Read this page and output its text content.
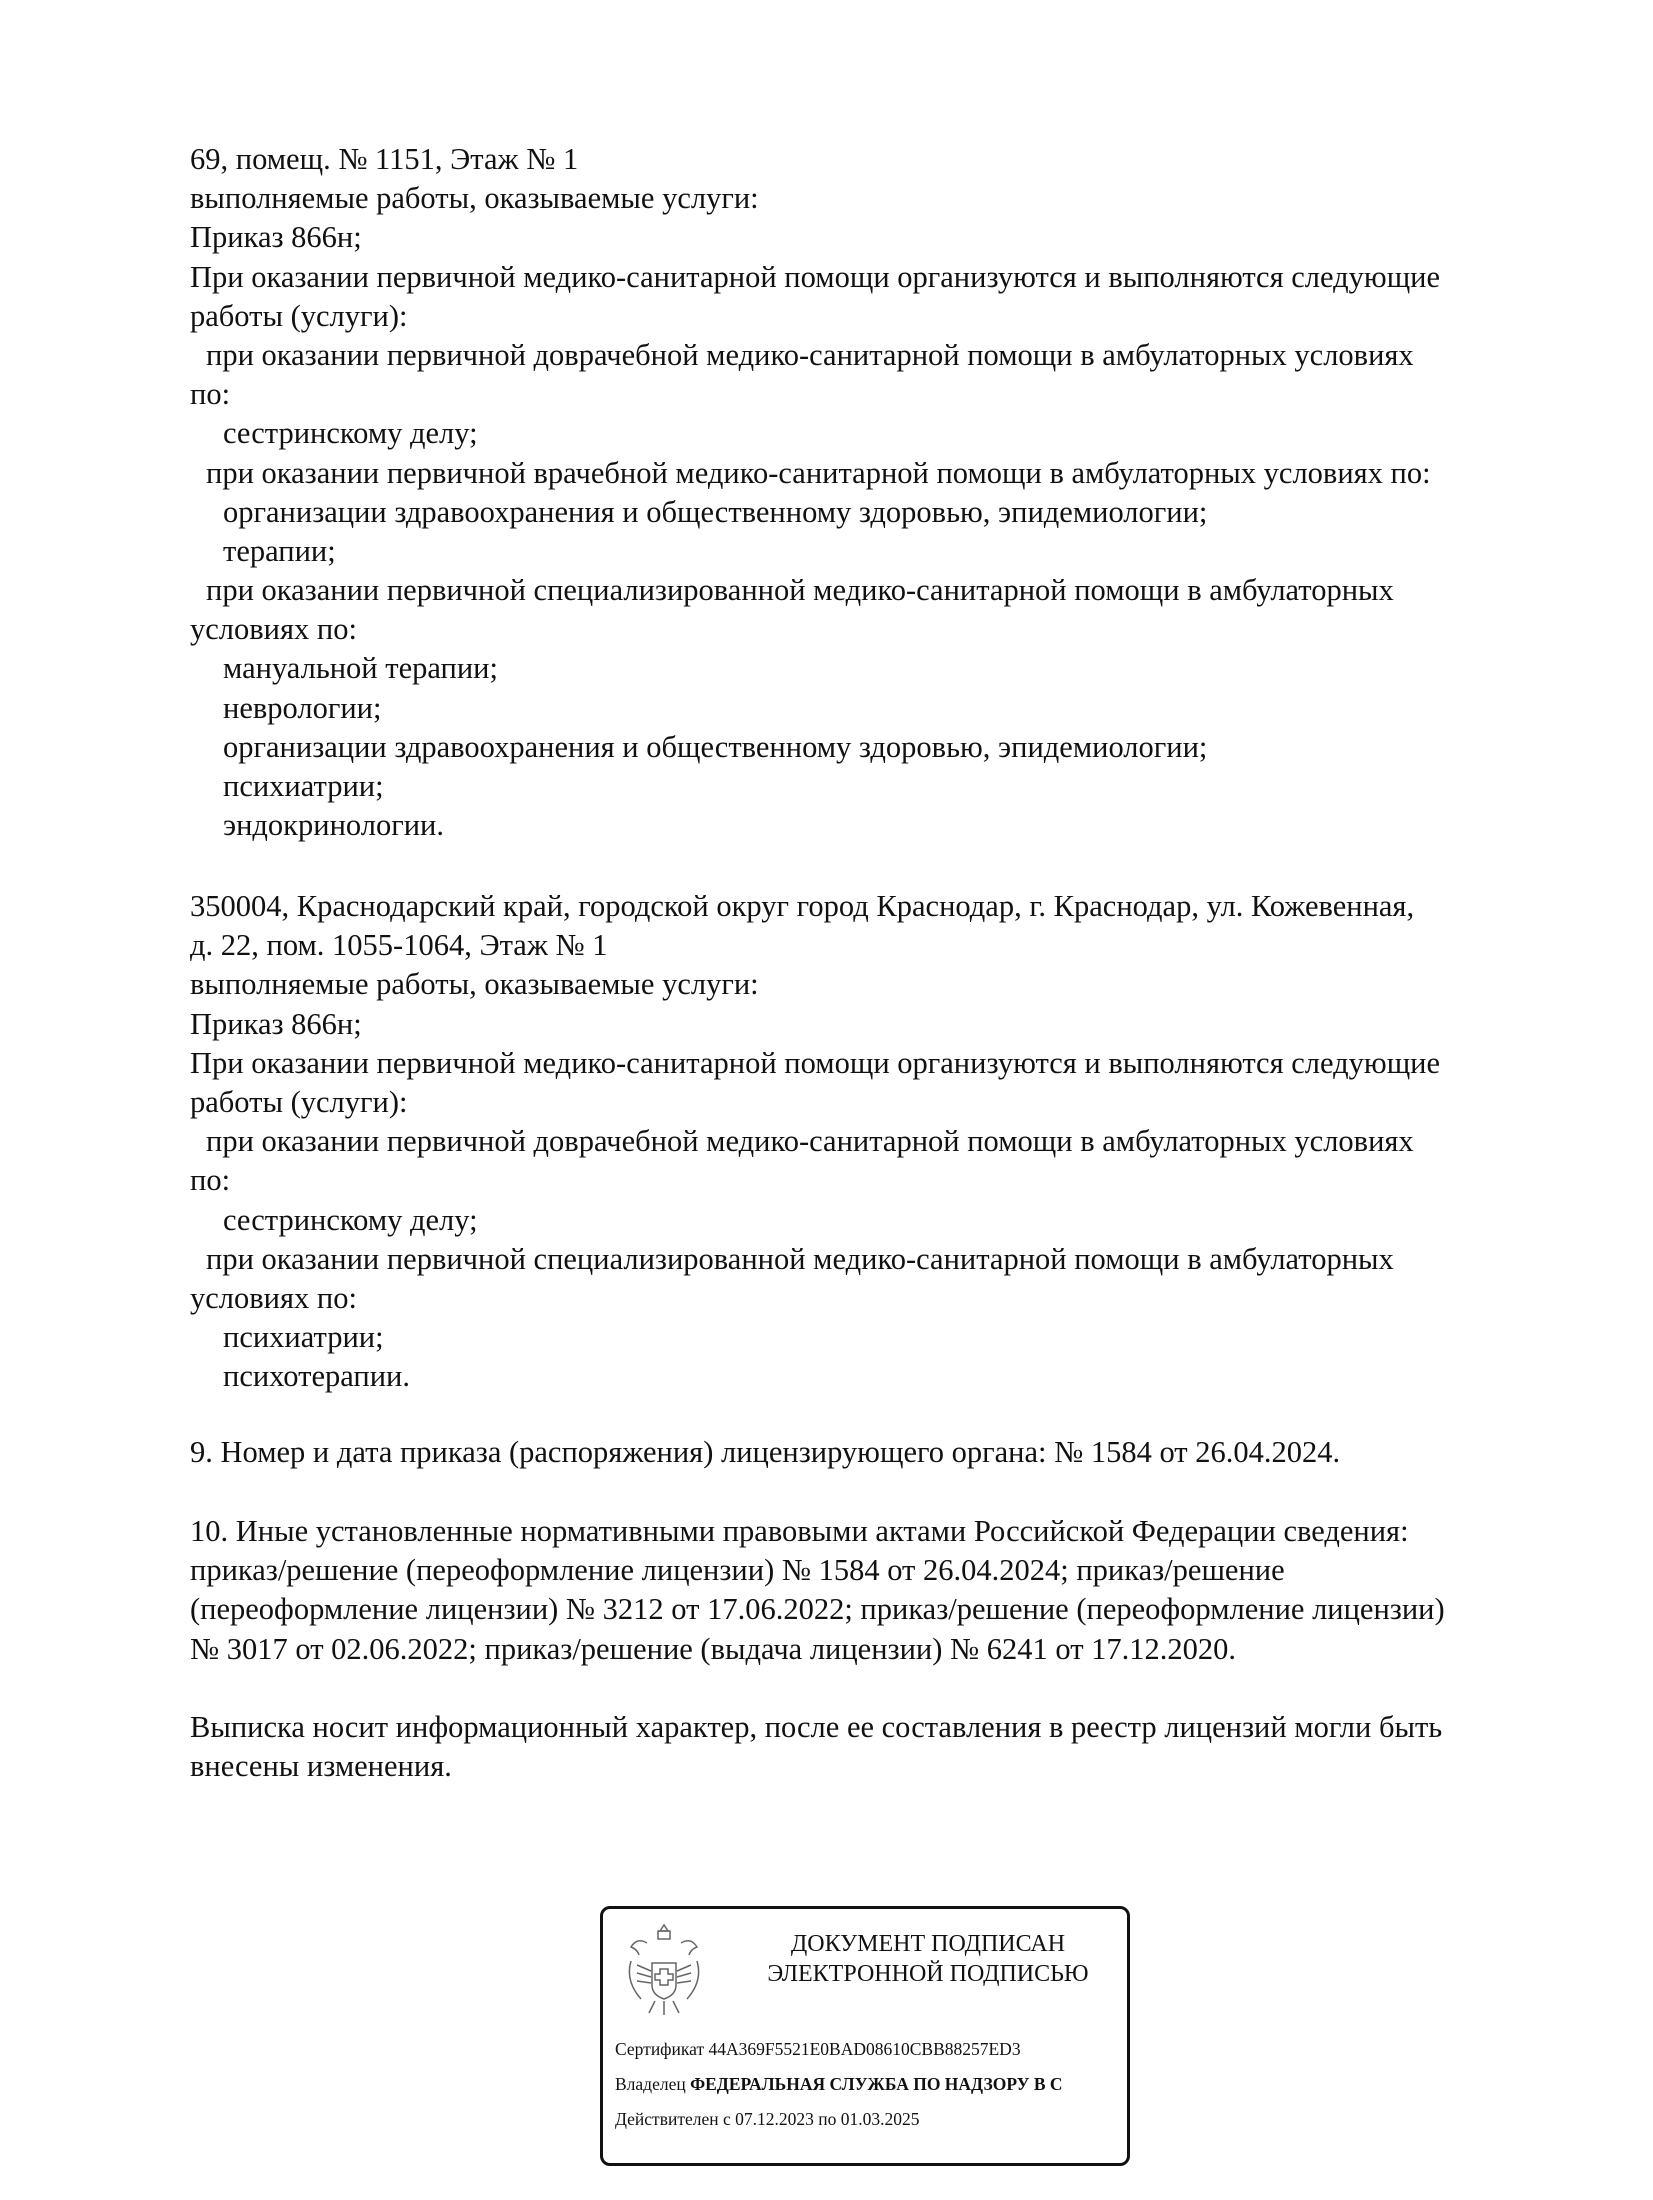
69, помещ. № 1151, Этаж № 1
выполняемые работы, оказываемые услуги:
Приказ 866н;
При оказании первичной медико-санитарной помощи организуются и выполняются следующие
работы (услуги):
при оказании первичной доврачебной медико-санитарной помощи в амбулаторных условиях
по:
сестринскому делу;
при оказании первичной врачебной медико-санитарной помощи в амбулаторных условиях по:
организации здравоохранения и общественному здоровью, эпидемиологии;
терапии;
при оказании первичной специализированной медико-санитарной помощи в амбулаторных
условиях по:
мануальной терапии;
неврологии;
организации здравоохранения и общественному здоровью, эпидемиологии;
психиатрии;
эндокринологии.
350004, Краснодарский край, городской округ город Краснодар, г. Краснодар, ул. Кожевенная,
д. 22, пом. 1055-1064, Этаж № 1
выполняемые работы, оказываемые услуги:
Приказ 866н;
При оказании первичной медико-санитарной помощи организуются и выполняются следующие
работы (услуги):
при оказании первичной доврачебной медико-санитарной помощи в амбулаторных условиях
по:
сестринскому делу;
при оказании первичной специализированной медико-санитарной помощи в амбулаторных
условиях по:
психиатрии;
психотерапии.
9. Номер и дата приказа (распоряжения) лицензирующего органа: № 1584 от 26.04.2024.
10. Иные установленные нормативными правовыми актами Российской Федерации сведения:
приказ/решение (переоформление лицензии) № 1584 от 26.04.2024; приказ/решение
(переоформление лицензии) № 3212 от 17.06.2022; приказ/решение (переоформление лицензии)
№ 3017 от 02.06.2022; приказ/решение (выдача лицензии) № 6241 от 17.12.2020.
Выписка носит информационный характер, после ее составления в реестр лицензий могли быть
внесены изменения.
ДОКУМЕНТ ПОДПИСАН
ЭЛЕКТРОННОЙ ПОДПИСЬЮ
Сертификат 44A369F5521E0BAD08610CBB88257ED3
Владелец ФЕДЕРАЛЬНАЯ СЛУЖБА ПО НАДЗОРУ В С
Действителен с 07.12.2023 по 01.03.2025
